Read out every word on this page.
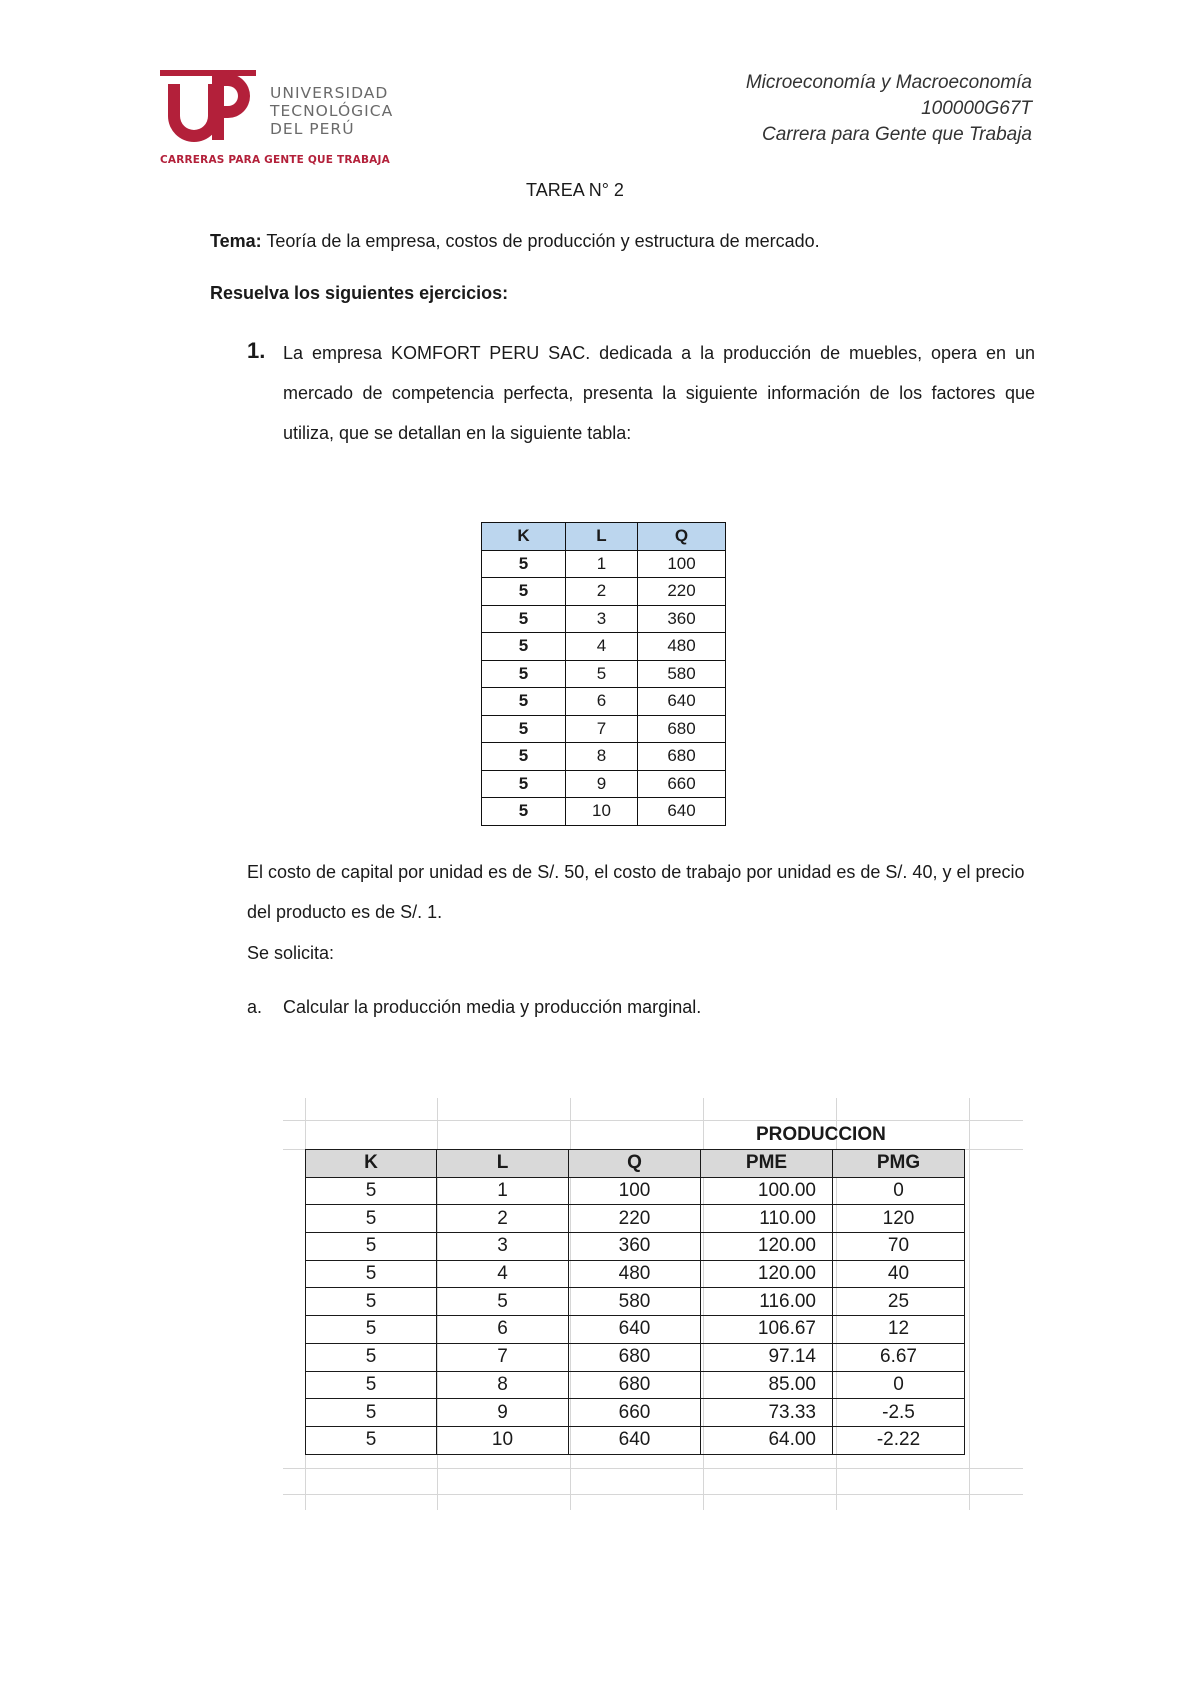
UNIVERSIDAD
TECNOLÓGICA
DEL PERÚ
CARRERAS PARA GENTE QUE TRABAJA
Microeconomía y Macroeconomía
100000G67T
Carrera para Gente que Trabaja
TAREA N° 2
Tema: Teoría de la empresa, costos de producción y estructura de mercado.
Resuelva los siguientes ejercicios:
1. La empresa KOMFORT PERU SAC. dedicada a la producción de muebles, opera en un mercado de competencia perfecta, presenta la siguiente información de los factores que utiliza, que se detallan en la siguiente tabla:
K	L	Q
5	1	100
5	2	220
5	3	360
5	4	480
5	5	580
5	6	640
5	7	680
5	8	680
5	9	660
5	10	640
El costo de capital por unidad es de S/. 50, el costo de trabajo por unidad es de S/. 40, y el precio del producto es de S/. 1.
Se solicita:
a. Calcular la producción media y producción marginal.
PRODUCCION
K	L	Q	PME	PMG
5	1	100	100.00	0
5	2	220	110.00	120
5	3	360	120.00	70
5	4	480	120.00	40
5	5	580	116.00	25
5	6	640	106.67	12
5	7	680	97.14	6.67
5	8	680	85.00	0
5	9	660	73.33	-2.5
5	10	640	64.00	-2.22
